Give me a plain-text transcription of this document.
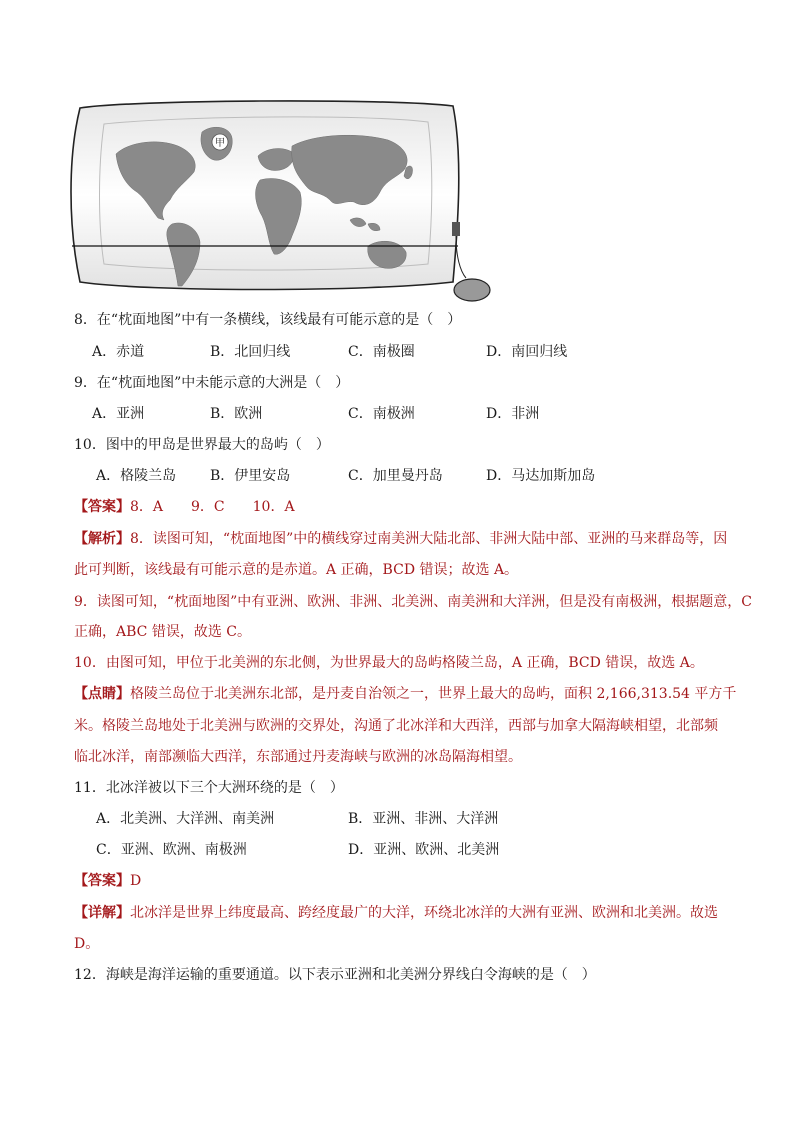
甲
8．在“枕面地图”中有一条横线，该线最有可能示意的是（　）
A．赤道	B．北回归线	C．南极圈	D．南回归线
9．在“枕面地图”中未能示意的大洲是（　）
A．亚洲	B．欧洲	C．南极洲	D．非洲
10．图中的甲岛是世界最大的岛屿（　）
A．格陵兰岛 B．伊里安岛	C．加里曼丹岛	D．马达加斯加岛
【答案】8．A　　9．C　　10．A
【解析】8．读图可知，“枕面地图”中的横线穿过南美洲大陆北部、非洲大陆中部、亚洲的马来群岛等，因
此可判断，该线最有可能示意的是赤道。A 正确，BCD 错误；故选 A。
9．读图可知，“枕面地图”中有亚洲、欧洲、非洲、北美洲、南美洲和大洋洲，但是没有南极洲，根据题意，C
正确，ABC 错误，故选 C。
10．由图可知，甲位于北美洲的东北侧，为世界最大的岛屿格陵兰岛，A 正确，BCD 错误，故选 A。
【点睛】格陵兰岛位于北美洲东北部，是丹麦自治领之一，世界上最大的岛屿，面积 2,166,313.54 平方千
米。格陵兰岛地处于北美洲与欧洲的交界处，沟通了北冰洋和大西洋，西部与加拿大隔海峡相望，北部频
临北冰洋，南部濒临大西洋，东部通过丹麦海峡与欧洲的冰岛隔海相望。
11．北冰洋被以下三个大洲环绕的是（　）
A．北美洲、大洋洲、南美洲	B．亚洲、非洲、大洋洲
C．亚洲、欧洲、南极洲	D．亚洲、欧洲、北美洲
【答案】D
【详解】北冰洋是世界上纬度最高、跨经度最广的大洋，环绕北冰洋的大洲有亚洲、欧洲和北美洲。故选
D。
12．海峡是海洋运输的重要通道。以下表示亚洲和北美洲分界线白令海峡的是（　）
